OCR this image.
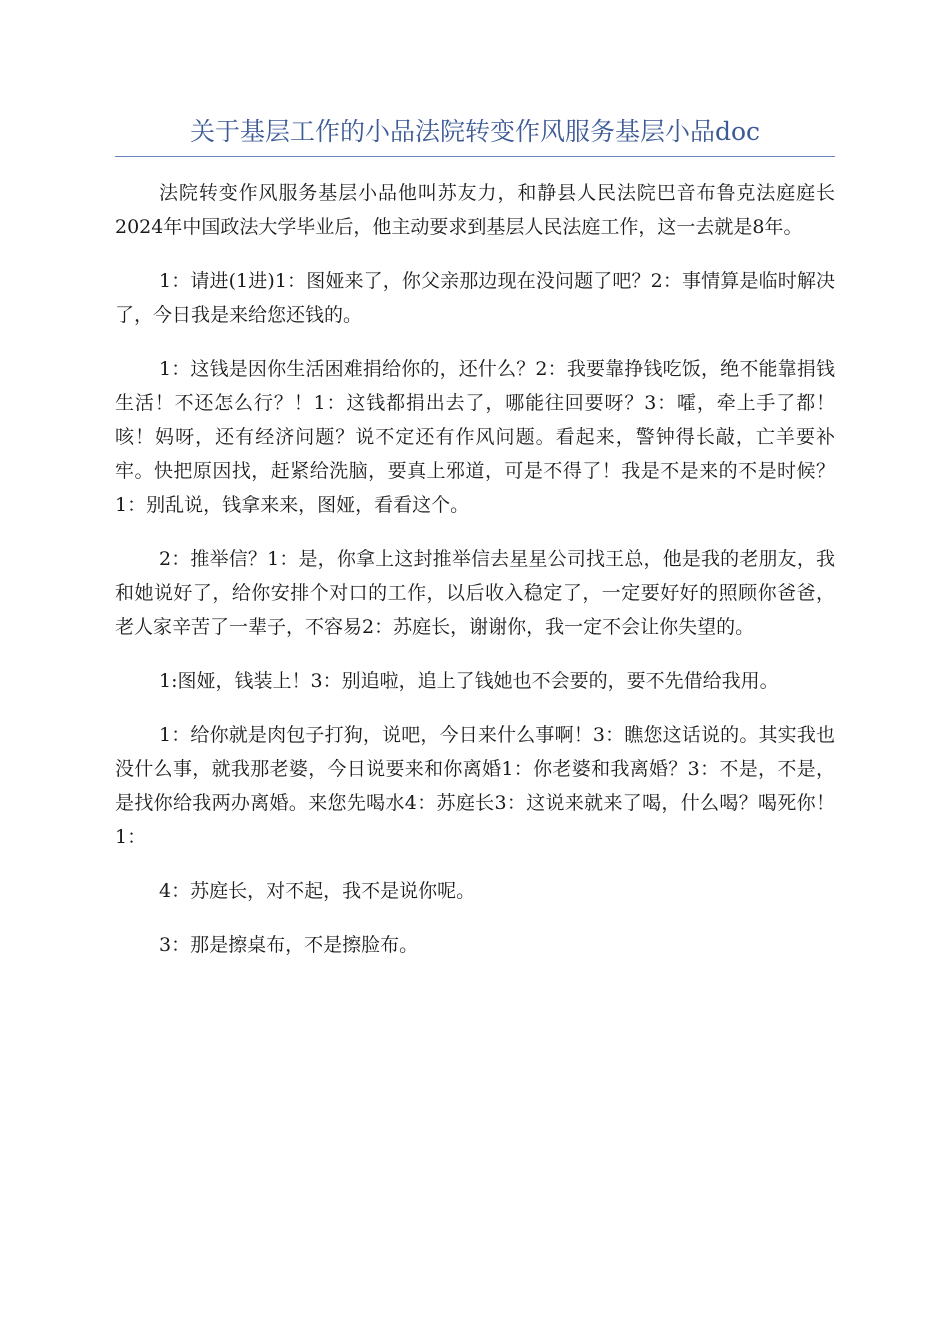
关于基层工作的小品法院转变作风服务基层小品doc

法院转变作风服务基层小品他叫苏友力，和静县人民法院巴音布鲁克法庭庭长2024年中国政法大学毕业后，他主动要求到基层人民法庭工作，这一去就是8年。

1：请进(1进)1：图娅来了，你父亲那边现在没问题了吧？2：事情算是临时解决了，今日我是来给您还钱的。

1：这钱是因你生活困难捐给你的，还什么？2：我要靠挣钱吃饭，绝不能靠捐钱生活！不还怎么行？！1：这钱都捐出去了，哪能往回要呀？3：嚯，牵上手了都！咳！妈呀，还有经济问题？说不定还有作风问题。看起来，警钟得长敲，亡羊要补牢。快把原因找，赶紧给洗脑，要真上邪道，可是不得了！我是不是来的不是时候？1：别乱说，钱拿来来，图娅，看看这个。

2：推举信？1：是，你拿上这封推举信去星星公司找王总，他是我的老朋友，我和她说好了，给你安排个对口的工作，以后收入稳定了，一定要好好的照顾你爸爸，老人家辛苦了一辈子，不容易2：苏庭长，谢谢你，我一定不会让你失望的。

1:图娅，钱装上！3：别追啦，追上了钱她也不会要的，要不先借给我用。

1：给你就是肉包子打狗，说吧，今日来什么事啊！3：瞧您这话说的。其实我也没什么事，就我那老婆，今日说要来和你离婚1：你老婆和我离婚？3：不是，不是，是找你给我两办离婚。来您先喝水4：苏庭长3：这说来就来了喝，什么喝？喝死你！1：

4：苏庭长，对不起，我不是说你呢。

3：那是擦桌布，不是擦脸布。
